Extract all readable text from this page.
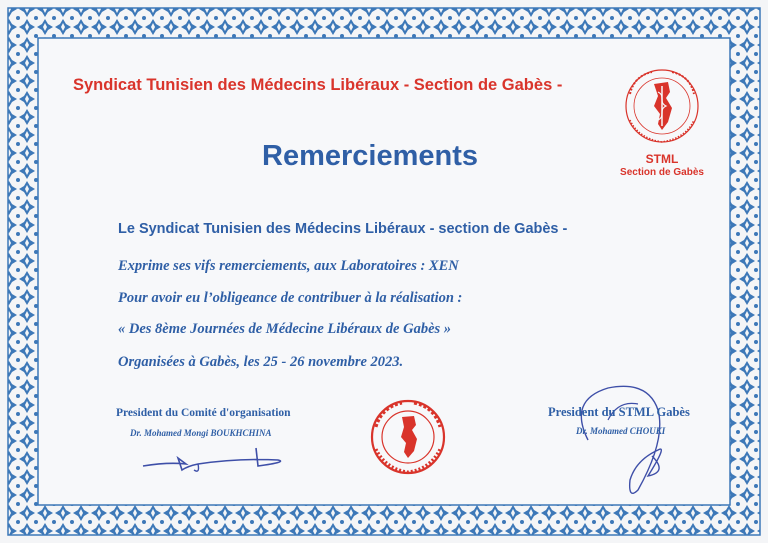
Syndicat Tunisien des Médecins Libéraux - Section de Gabès -
Remerciements	STML
Section de Gabès
Le Syndicat Tunisien des Médecins Libéraux - section de Gabès -
Exprime ses vifs remerciements, aux Laboratoires : XEN
Pour avoir eu l’obligeance de contribuer à la réalisation :
« Des 8ème Journées de Médecine Libéraux de Gabès »
Organisées à Gabès, les 25 - 26 novembre 2023.
President du Comité d'organisation
Dr. Mohamed Mongi BOUKHCHINA
President du STML Gabès
Dr. Mohamed CHOUKI
